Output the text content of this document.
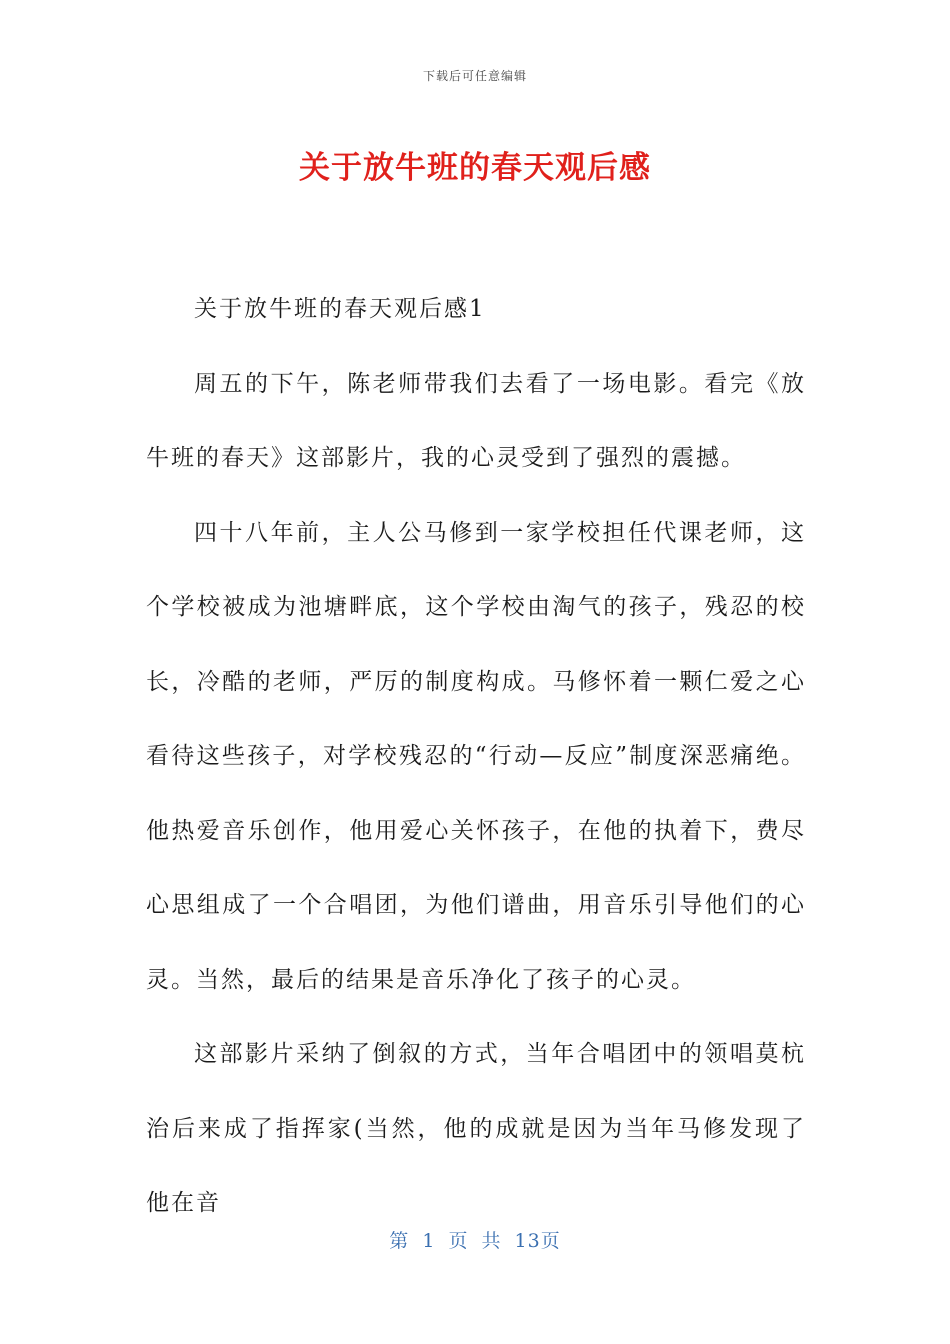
下载后可任意编辑
关于放牛班的春天观后感

关于放牛班的春天观后感1

周五的下午，陈老师带我们去看了一场电影。看完《放牛班的春天》这部影片，我的心灵受到了强烈的震撼。

四十八年前，主人公马修到一家学校担任代课老师，这个学校被成为池塘畔底，这个学校由淘气的孩子，残忍的校长，冷酷的老师，严厉的制度构成。马修怀着一颗仁爱之心看待这些孩子，对学校残忍的“行动—反应”制度深恶痛绝。他热爱音乐创作，他用爱心关怀孩子，在他的执着下，费尽心思组成了一个合唱团，为他们谱曲，用音乐引导他们的心灵。当然，最后的结果是音乐净化了孩子的心灵。

这部影片采纳了倒叙的方式，当年合唱团中的领唱莫杭治后来成了指挥家(当然，他的成就是因为当年马修发现了他在音

第 1 页 共 13页
